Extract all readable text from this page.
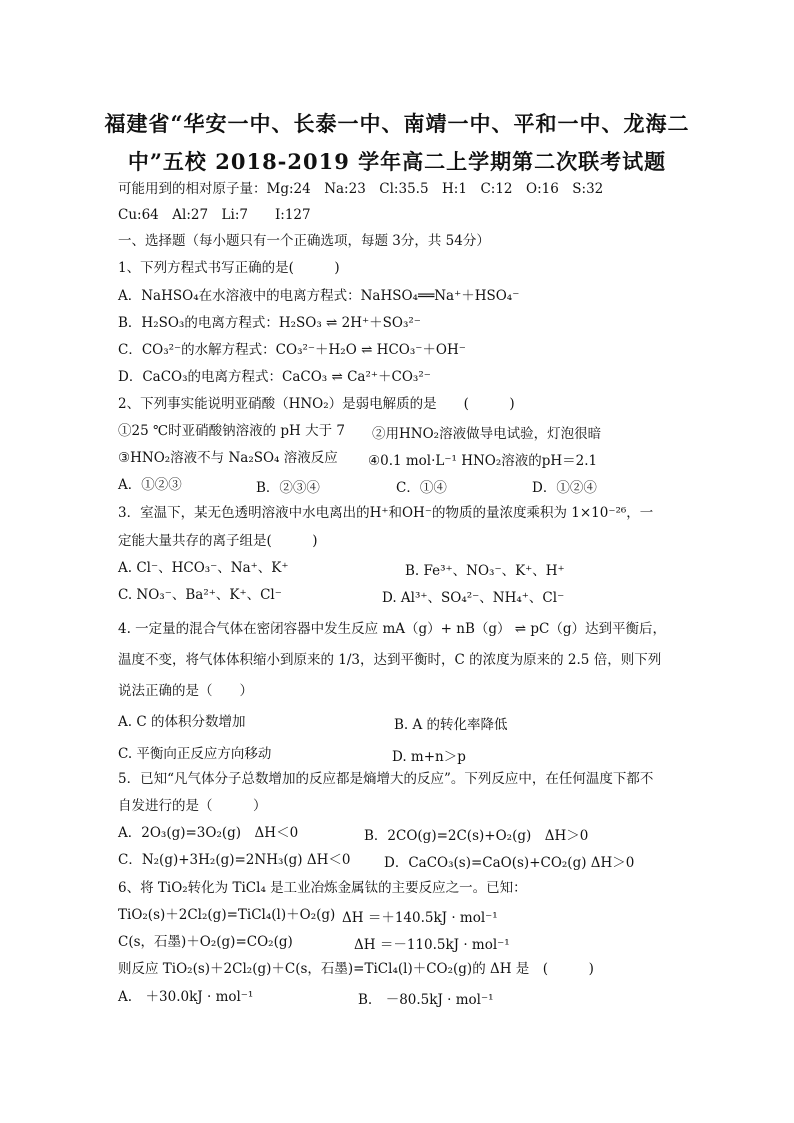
福建省“华安一中、长泰一中、南靖一中、平和一中、龙海二
中”五校 2018-2019 学年高二上学期第二次联考试题
可能用到的相对原子量：Mg:24　Na:23　Cl:35.5　H:1　C:12　O:16　S:32
Cu:64　Al:27　Li:7　　I:127
一、选择题（每小题只有一个正确选项，每题 3分，共 54分）
1、下列方程式书写正确的是(　　　)
A．NaHSO₄在水溶液中的电离方程式：NaHSO₄══Na⁺＋HSO₄⁻
B．H₂SO₃的电离方程式：H₂SO₃ ⇌ 2H⁺＋SO₃²⁻
C．CO₃²⁻的水解方程式：CO₃²⁻＋H₂O ⇌ HCO₃⁻＋OH⁻
D．CaCO₃的电离方程式：CaCO₃ ⇌ Ca²⁺＋CO₃²⁻
2、下列事实能说明亚硝酸（HNO₂）是弱电解质的是　　(　　　)
①25 ℃时亚硝酸钠溶液的 pH 大于 7 ②用HNO₂溶液做导电试验，灯泡很暗
③HNO₂溶液不与 Na₂SO₄ 溶液反应 ④0.1 mol·L⁻¹ HNO₂溶液的pH＝2.1
A．①②③	B．②③④	C．①④	D．①②④
3．室温下，某无色透明溶液中水电离出的H⁺和OH⁻的物质的量浓度乘积为 1×10⁻²⁶，一
定能大量共存的离子组是(　　　)
A. Cl⁻、HCO₃⁻、Na⁺、K⁺	B. Fe³⁺、NO₃⁻、K⁺、H⁺
C. NO₃⁻、Ba²⁺、K⁺、Cl⁻	D. Al³⁺、SO₄²⁻、NH₄⁺、Cl⁻
4. 一定量的混合气体在密闭容器中发生反应 mA（g）+ nB（g） ⇌ pC（g）达到平衡后，
温度不变，将气体体积缩小到原来的 1/3，达到平衡时，C 的浓度为原来的 2.5 倍，则下列
说法正确的是（　　）
A. C 的体积分数增加	B. A 的转化率降低
C. 平衡向正反应方向移动	D. m+n＞p
5．已知“凡气体分子总数增加的反应都是熵增大的反应”。下列反应中，在任何温度下都不
自发进行的是（　　　）
A．2O₃(g)=3O₂(g)　ΔH＜0	B．2CO(g)=2C(s)+O₂(g)　ΔH＞0
C．N₂(g)+3H₂(g)=2NH₃(g) ΔH＜0 D．CaCO₃(s)=CaO(s)+CO₂(g) ΔH＞0
6、将 TiO₂转化为 TiCl₄ 是工业冶炼金属钛的主要反应之一。已知：
TiO₂(s)＋2Cl₂(g)=TiCl₄(l)＋O₂(g) ΔH ＝＋140.5kJ · mol⁻¹
C(s，石墨)＋O₂(g)=CO₂(g)	ΔH ＝－110.5kJ · mol⁻¹
则反应 TiO₂(s)＋2Cl₂(g)＋C(s，石墨)=TiCl₄(l)＋CO₂(g)的 ΔH 是　(　　　)
A.　＋30.0kJ · mol⁻¹	B.　－80.5kJ · mol⁻¹
